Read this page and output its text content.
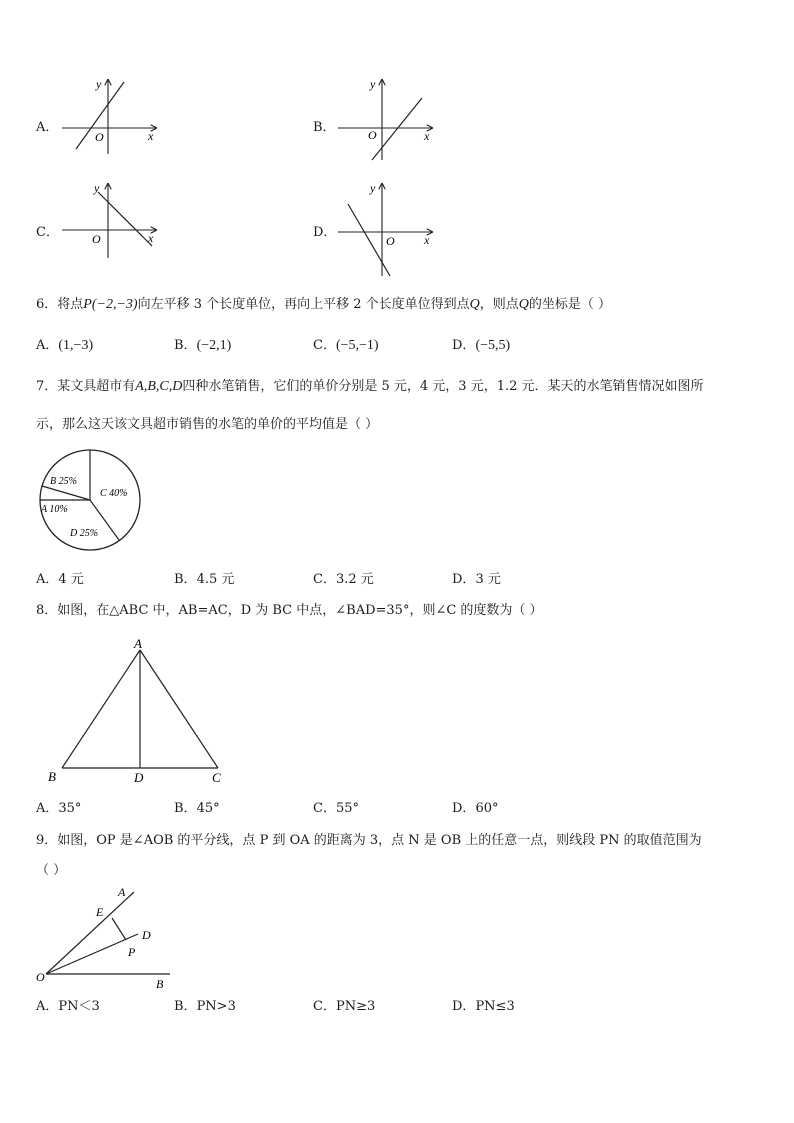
A．
x
y
O
B．
x
y
O
C．	x
y
O	D．	x
y
O
6．将点P(−2,−3)向左平移 3 个长度单位，再向上平移 2 个长度单位得到点Q，则点Q的坐标是（ ）
A．(1,−3)	B．(−2,1)	C．(−5,−1)	D．(−5,5)
7．某文具超市有A,B,C,D四种水笔销售，它们的单价分别是 5 元，4 元，3 元，1.2 元．某天的水笔销售情况如图所
示，那么这天该文具超市销售的水笔的单价的平均值是（ ）
B 25%
C 40%
A 10%
D 25%
A．4 元	B．4.5 元	C．3.2 元	D．3 元
8．如图，在△ABC 中，AB=AC，D 为 BC 中点，∠BAD=35°，则∠C 的度数为（ ）
A
B	D	C
A．35°	B．45°	C．55°	D．60°
9．如图，OP 是∠AOB 的平分线，点 P 到 OA 的距离为 3，点 N 是 OB 上的任意一点，则线段 PN 的取值范围为
（ ）
A
E
D
P
O	B
A．PN＜3	B．PN>3	C．PN≥3	D．PN≤3
